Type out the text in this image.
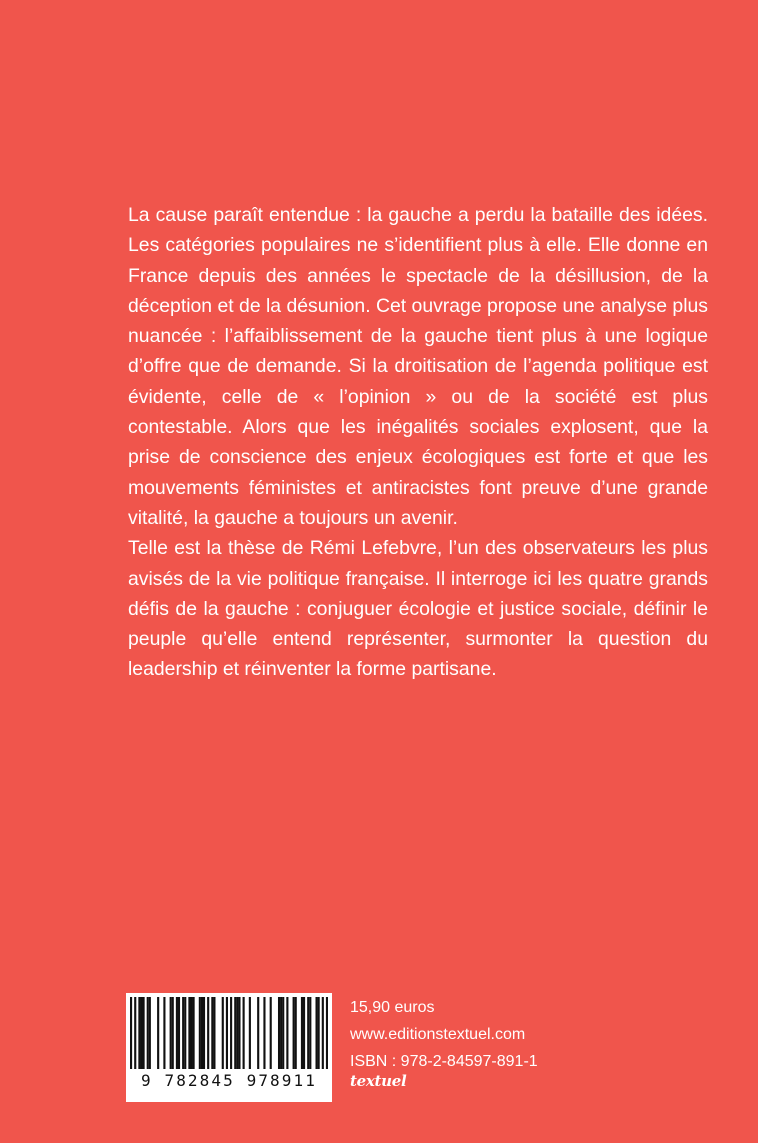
La cause paraît entendue : la gauche a perdu la bataille des idées. Les catégories populaires ne s’identifient plus à elle. Elle donne en France depuis des années le spectacle de la désillusion, de la déception et de la désunion. Cet ouvrage propose une analyse plus nuancée : l’affaiblissement de la gauche tient plus à une logique d’offre que de demande. Si la droitisation de l’agenda politique est évidente, celle de « l’opinion » ou de la société est plus contestable. Alors que les inégalités sociales explosent, que la prise de conscience des enjeux écologiques est forte et que les mouvements féministes et antiracistes font preuve d’une grande vitalité, la gauche a toujours un avenir.

Telle est la thèse de Rémi Lefebvre, l’un des observateurs les plus avisés de la vie politique française. Il interroge ici les quatre grands défis de la gauche : conjuguer écologie et justice sociale, définir le peuple qu’elle entend représenter, surmonter la question du leadership et réinventer la forme partisane.

9 782845 978911
15,90 euros
www.editionstextuel.com
ISBN : 978-2-84597-891-1
textuel
